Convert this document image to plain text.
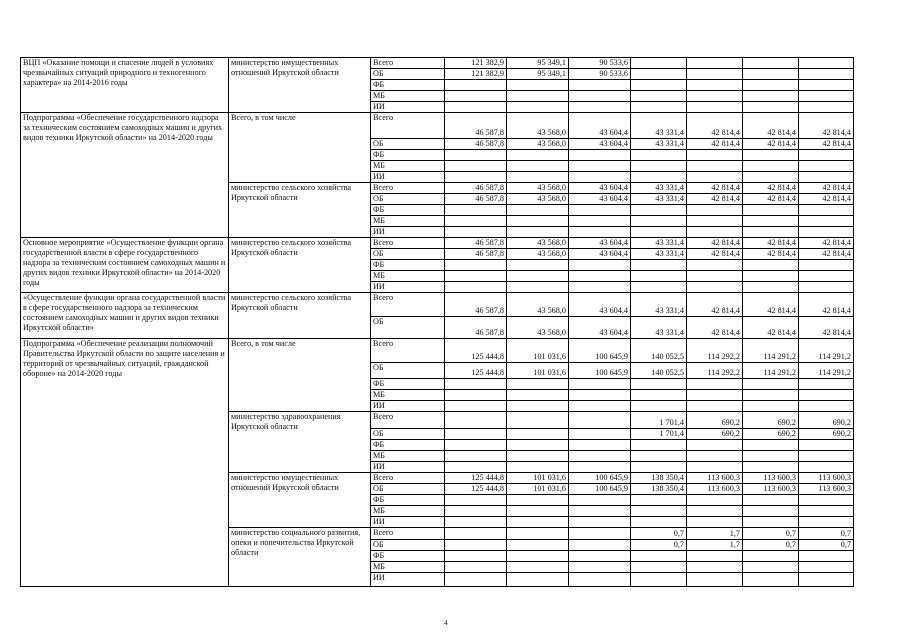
ВЦП «Оказание помощи и спасение людей в условиях чрезвычайных ситуаций природного и техногенного характера» на 2014-2016 годы	министерство имущественных отношений Иркутской области	Всего	121 382,9	95 349,1	90 533,6				
		ОБ	121 382,9	95 349,1	90 533,6				
		ФБ							
		МБ							
		ИИ							
Подпрограмма «Обеспечение государственного надзора за техническим состоянием самоходных машин и других видов техники Иркутской области» на 2014-2020 годы	Всего, в том числе	Всего	46 587,8	43 568,0	43 604,4	43 331,4	42 814,4	42 814,4	42 814,4
		ОБ	46 587,8	43 568,0	43 604,4	43 331,4	42 814,4	42 814,4	42 814,4
		ФБ							
		МБ							
		ИИ							
	министерство сельского хозяйства Иркутской области	Всего	46 587,8	43 568,0	43 604,4	43 331,4	42 814,4	42 814,4	42 814,4
		ОБ	46 587,8	43 568,0	43 604,4	43 331,4	42 814,4	42 814,4	42 814,4
		ФБ							
		МБ							
		ИИ							
Основное мероприятие «Осуществление функции органа государственной власти в сфере государственного надзора за техническим состоянием самоходных машин и других видов техники Иркутской области» на 2014-2020 годы	министерство сельского хозяйства Иркутской области	Всего	46 587,8	43 568,0	43 604,4	43 331,4	42 814,4	42 814,4	42 814,4
		ОБ	46 587,8	43 568,0	43 604,4	43 331,4	42 814,4	42 814,4	42 814,4
		ФБ							
		МБ							
		ИИ							
«Осуществление функции органа государственной власти в сфере государственного надзора за техническим состоянием самоходных машин и других видов техники Иркутской области»	министерство сельского хозяйства Иркутской области	Всего	46 587,8	43 568,0	43 604,4	43 331,4	42 814,4	42 814,4	42 814,4
		ОБ	46 587,8	43 568,0	43 604,4	43 331,4	42 814,4	42 814,4	42 814,4
Подпрограмма «Обеспечение реализации полномочий Правительства Иркутской области по защите населения и территорий от чрезвычайных ситуаций, гражданской обороне» на 2014-2020 годы	Всего, в том числе	Всего	125 444,8	101 031,6	100 645,9	140 052,5	114 292,2	114 291,2	114 291,2
		ОБ	125 444,8	101 031,6	100 645,9	140 052,5	114 292,2	114 291,2	114 291,2
		ФБ							
		МБ							
		ИИ							
	министерство здравоохранения Иркутской области	Всего				1 701,4	690,2	690,2	690,2
		ОБ				1 701,4	690,2	690,2	690,2
		ФБ							
		МБ							
		ИИ							
	министерство имущественных отношений Иркутской области	Всего	125 444,8	101 031,6	100 645,9	138 350,4	113 600,3	113 600,3	113 600,3
		ОБ	125 444,8	101 031,6	100 645,9	138 350,4	113 600,3	113 600,3	113 600,3
		ФБ							
		МБ							
		ИИ							
	министерство социального развития, опеки и попечительства Иркутской области	Всего				0,7	1,7	0,7	0,7
		ОБ				0,7	1,7	0,7	0,7
		ФБ							
		МБ							
		ИИ							
4
